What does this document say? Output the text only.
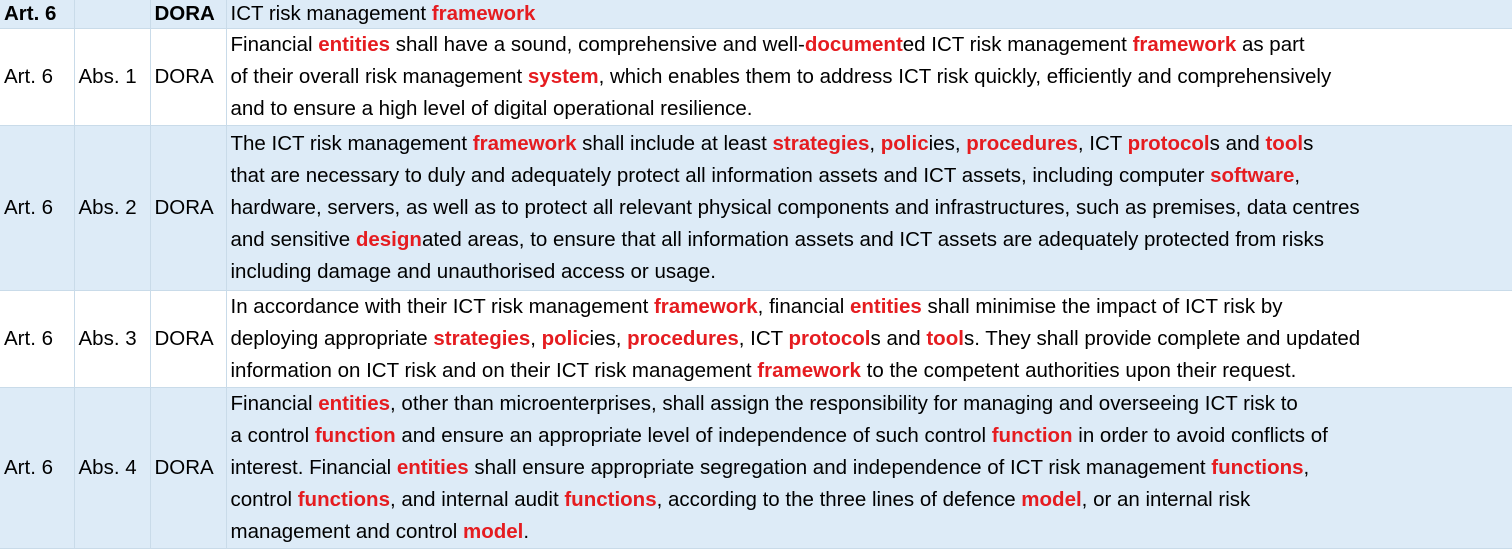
Art. 6		DORA	ICT risk management framework
Art. 6	Abs. 1	DORA	Financial entities shall have a sound, comprehensive and well-documented ICT risk management framework as part
of their overall risk management system, which enables them to address ICT risk quickly, efficiently and comprehensively
and to ensure a high level of digital operational resilience.

Art. 6	Abs. 2	DORA	The ICT risk management framework shall include at least strategies, policies, procedures, ICT protocols and tools
that are necessary to duly and adequately protect all information assets and ICT assets, including computer software,
hardware, servers, as well as to protect all relevant physical components and infrastructures, such as premises, data centres
and sensitive designated areas, to ensure that all information assets and ICT assets are adequately protected from risks
including damage and unauthorised access or usage.

Art. 6	Abs. 3	DORA	In accordance with their ICT risk management framework, financial entities shall minimise the impact of ICT risk by
deploying appropriate strategies, policies, procedures, ICT protocols and tools. They shall provide complete and updated
information on ICT risk and on their ICT risk management framework to the competent authorities upon their request.

Art. 6	Abs. 4	DORA	Financial entities, other than microenterprises, shall assign the responsibility for managing and overseeing ICT risk to
a control function and ensure an appropriate level of independence of such control function in order to avoid conflicts of
interest. Financial entities shall ensure appropriate segregation and independence of ICT risk management functions,
control functions, and internal audit functions, according to the three lines of defence model, or an internal risk
management and control model.
